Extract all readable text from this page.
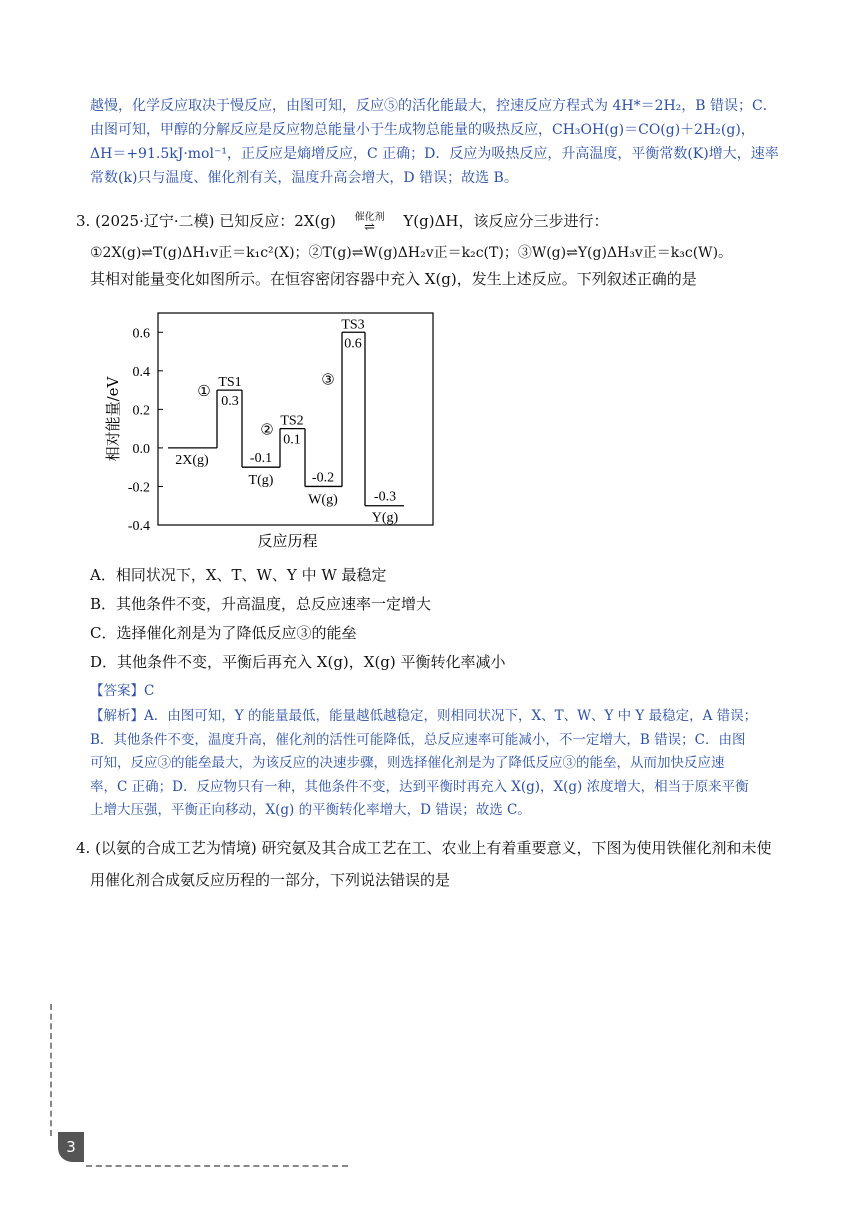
越慢，化学反应取决于慢反应，由图可知，反应⑤的活化能最大，控速反应方程式为 4H*＝2H₂，B 错误；C．
由图可知，甲醇的分解反应是反应物总能量小于生成物总能量的吸热反应，CH₃OH(g)＝CO(g)＋2H₂(g)，
ΔH＝+91.5kJ·mol⁻¹，正反应是熵增反应，C 正确；D．反应为吸热反应，升高温度，平衡常数(K)增大，速率
常数(k)只与温度、催化剂有关，温度升高会增大，D 错误；故选 B。
3. (2025·辽宁·二模) 已知反应：2X(g)	催化剂
⇌	Y(g)ΔH，该反应分三步进行：
①2X(g)⇌T(g)ΔH₁v正＝k₁c²(X)；②T(g)⇌W(g)ΔH₂v正＝k₂c(T)；③W(g)⇌Y(g)ΔH₃v正＝k₃c(W)。
其相对能量变化如图所示。在恒容密闭容器中充入 X(g)，发生上述反应。下列叙述正确的是
0.6
0.4
0.2
0.0
-0.2
-0.4
相对能量/eV
反应历程
2X(g)
TS1
T(g)
TS2
W(g)
TS3
Y(g)
0.3
-0.1
0.1
-0.2
0.6
-0.3
①
②
③
A．相同状况下，X、T、W、Y 中 W 最稳定
B．其他条件不变，升高温度，总反应速率一定增大
C．选择催化剂是为了降低反应③的能垒
D．其他条件不变，平衡后再充入 X(g)，X(g) 平衡转化率减小
【答案】C
【解析】A．由图可知，Y 的能量最低，能量越低越稳定，则相同状况下，X、T、W、Y 中 Y 最稳定，A 错误；
B．其他条件不变，温度升高，催化剂的活性可能降低，总反应速率可能减小，不一定增大，B 错误；C．由图
可知，反应③的能垒最大，为该反应的决速步骤，则选择催化剂是为了降低反应③的能垒，从而加快反应速
率，C 正确；D．反应物只有一种，其他条件不变，达到平衡时再充入 X(g)，X(g) 浓度增大，相当于原来平衡
上增大压强，平衡正向移动，X(g) 的平衡转化率增大，D 错误；故选 C。
4. (以氨的合成工艺为情境) 研究氨及其合成工艺在工、农业上有着重要意义，下图为使用铁催化剂和未使
用催化剂合成氨反应历程的一部分，下列说法错误的是
3
